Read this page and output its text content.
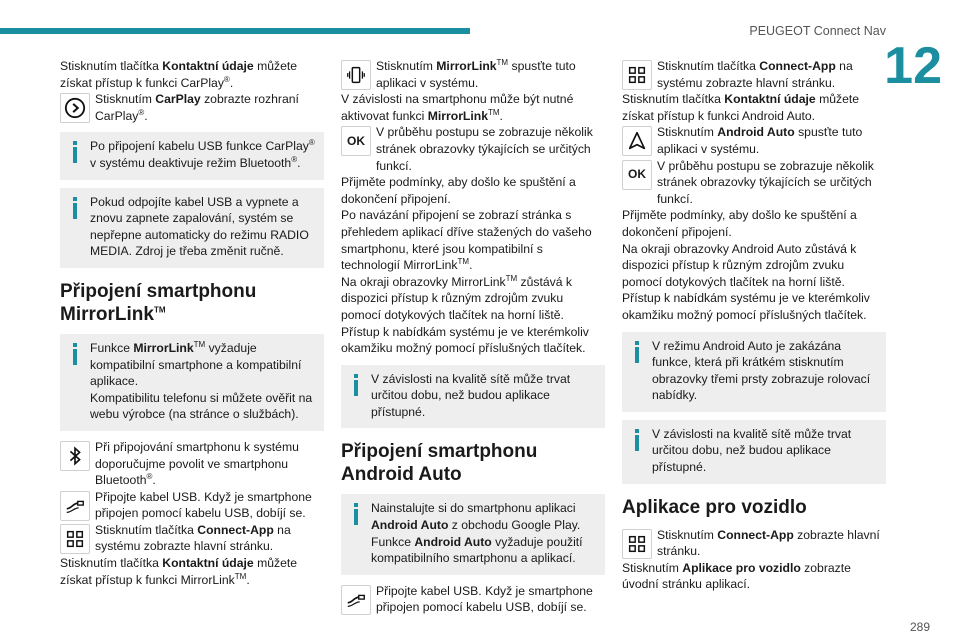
PEUGEOT Connect Nav
12

Stisknutím tlačítka Kontaktní údaje můžete získat přístup k funkci CarPlay®.

Stisknutím CarPlay zobrazte rozhraní CarPlay®.
Po připojení kabelu USB funkce CarPlay® v systému deaktivuje režim Bluetooth®.
Pokud odpojíte kabel USB a vypnete a znovu zapnete zapalování, systém se nepřepne automaticky do režimu RADIO MEDIA. Zdroj je třeba změnit ručně.
Připojení smartphonu MirrorLink™
Funkce MirrorLink™ vyžaduje kompatibilní smartphone a kompatibilní aplikace.
Kompatibilitu telefonu si můžete ověřit na webu výrobce (na stránce o službách).
Při připojování smartphonu k systému doporučujme povolit ve smartphonu Bluetooth®.
Připojte kabel USB. Když je smartphone připojen pomocí kabelu USB, dobíjí se.
Stisknutím tlačítka Connect-App na systému zobrazte hlavní stránku.

Stisknutím tlačítka Kontaktní údaje můžete získat přístup k funkci MirrorLink™.

Stisknutím MirrorLink™ spusťte tuto aplikaci v systému.

V závislosti na smartphonu může být nutné aktivovat funkci MirrorLink™.

OK
V průběhu postupu se zobrazuje několik stránek obrazovky týkajících se určitých funkcí.

Přijměte podmínky, aby došlo ke spuštění a dokončení připojení.
Po navázání připojení se zobrazí stránka s přehledem aplikací dříve stažených do vašeho smartphonu, které jsou kompatibilní s technologií MirrorLink™.
Na okraji obrazovky MirrorLink™ zůstává k dispozici přístup k různým zdrojům zvuku pomocí dotykových tlačítek na horní liště.
Přístup k nabídkám systému je ve kterémkoliv okamžiku možný pomocí příslušných tlačítek.

V závislosti na kvalitě sítě může trvat určitou dobu, než budou aplikace přístupné.
Připojení smartphonu Android Auto
Nainstalujte si do smartphonu aplikaci Android Auto z obchodu Google Play.
Funkce Android Auto vyžaduje použití kompatibilního smartphonu a aplikací.
Připojte kabel USB. Když je smartphone připojen pomocí kabelu USB, dobíjí se.
Stisknutím tlačítka Connect-App na systému zobrazte hlavní stránku.

Stisknutím tlačítka Kontaktní údaje můžete získat přístup k funkci Android Auto.

Stisknutím Android Auto spusťte tuto aplikaci v systému.
OK
V průběhu postupu se zobrazuje několik stránek obrazovky týkajících se určitých funkcí.

Přijměte podmínky, aby došlo ke spuštění a dokončení připojení.
Na okraji obrazovky Android Auto zůstává k dispozici přístup k různým zdrojům zvuku pomocí dotykových tlačítek na horní liště.
Přístup k nabídkám systému je ve kterémkoliv okamžiku možný pomocí příslušných tlačítek.

V režimu Android Auto je zakázána funkce, která při krátkém stisknutím obrazovky třemi prsty zobrazuje rolovací nabídky.
V závislosti na kvalitě sítě může trvat určitou dobu, než budou aplikace přístupné.
Aplikace pro vozidlo
Stisknutím Connect-App zobrazte hlavní stránku.

Stisknutím Aplikace pro vozidlo zobrazte úvodní stránku aplikací.

289
